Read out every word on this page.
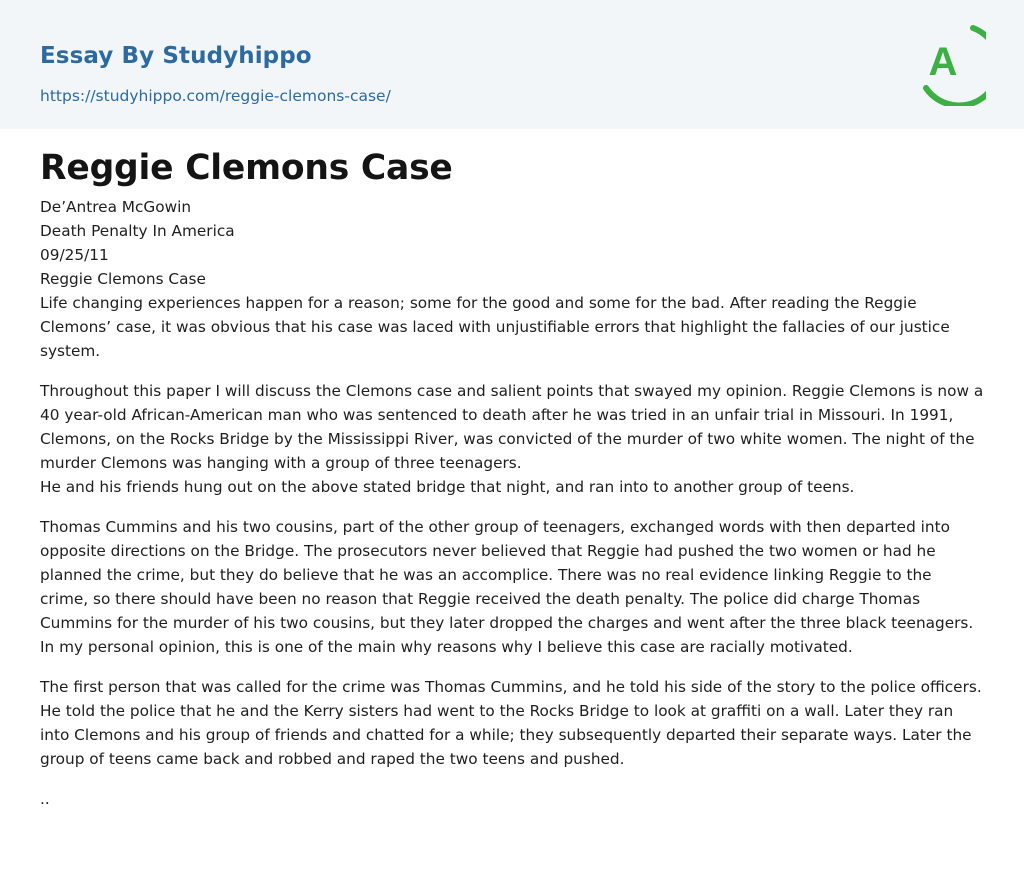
Essay By Studyhippo
https://studyhippo.com/reggie-clemons-case/
A
Reggie Clemons Case

De’Antrea McGowin

Death Penalty In America

09/25/11

Reggie Clemons Case

Life changing experiences happen for a reason; some for the good and some for the bad. After reading the Reggie Clemons’ case, it was obvious that his case was laced with unjustifiable errors that highlight the fallacies of our justice system.

Throughout this paper I will discuss the Clemons case and salient points that swayed my opinion. Reggie Clemons is now a 40 year-old African-American man who was sentenced to death after he was tried in an unfair trial in Missouri. In 1991, Clemons, on the Rocks Bridge by the Mississippi River, was convicted of the murder of two white women. The night of the murder Clemons was hanging with a group of three teenagers.

He and his friends hung out on the above stated bridge that night, and ran into to another group of teens.

Thomas Cummins and his two cousins, part of the other group of teenagers, exchanged words with then departed into opposite directions on the Bridge. The prosecutors never believed that Reggie had pushed the two women or had he planned the crime, but they do believe that he was an accomplice. There was no real evidence linking Reggie to the crime, so there should have been no reason that Reggie received the death penalty. The police did charge Thomas Cummins for the murder of his two cousins, but they later dropped the charges and went after the three black teenagers. In my personal opinion, this is one of the main why reasons why I believe this case are racially motivated.

The first person that was called for the crime was Thomas Cummins, and he told his side of the story to the police officers. He told the police that he and the Kerry sisters had went to the Rocks Bridge to look at graffiti on a wall. Later they ran into Clemons and his group of friends and chatted for a while; they subsequently departed their separate ways. Later the group of teens came back and robbed and raped the two teens and pushed.

..
